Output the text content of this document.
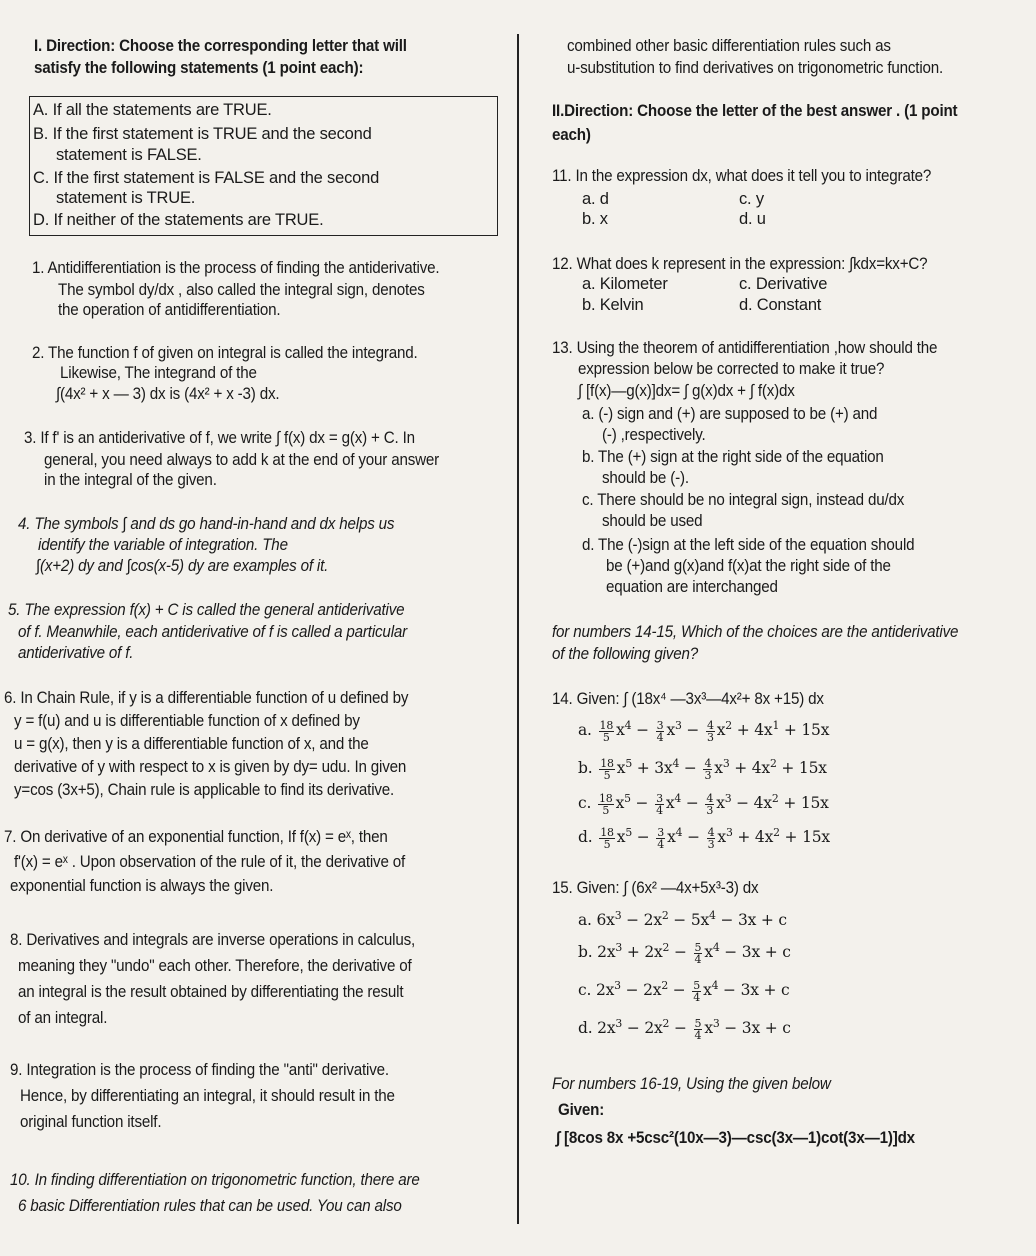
I. Direction: Choose the corresponding letter that will
satisfy the following statements (1 point each):
A. If all the statements are TRUE.
B. If the first statement is TRUE and the second
statement is FALSE.
C. If the first statement is FALSE and the second
statement is TRUE.
D. If neither of the statements are TRUE.
1. Antidifferentiation is the process of finding the antiderivative.
The symbol dy/dx , also called the integral sign, denotes
the operation of antidifferentiation.
2. The function f of given on integral is called the integrand.
Likewise, The integrand of the
∫(4x² + x — 3) dx is (4x² + x -3) dx.
3. If f' is an antiderivative of f, we write ∫ f(x) dx = g(x) + C. In
general, you need always to add k at the end of your answer
in the integral of the given.
4. The symbols ∫ and ds go hand-in-hand and dx helps us
identify the variable of integration. The
∫(x+2) dy and ∫cos(x-5) dy are examples of it.
5. The expression f(x) + C is called the general antiderivative
of f. Meanwhile, each antiderivative of f is called a particular
antiderivative of f.
6. In Chain Rule, if y is a differentiable function of u defined by
y = f(u) and u is differentiable function of x defined by
u = g(x), then y is a differentiable function of x, and the
derivative of y with respect to x is given by dy= udu. In given
y=cos (3x+5), Chain rule is applicable to find its derivative.
7. On derivative of an exponential function, If f(x) = eˣ, then
f'(x) = eˣ . Upon observation of the rule of it, the derivative of
exponential function is always the given.
8. Derivatives and integrals are inverse operations in calculus,
meaning they "undo" each other. Therefore, the derivative of
an integral is the result obtained by differentiating the result
of an integral.
9. Integration is the process of finding the "anti" derivative.
Hence, by differentiating an integral, it should result in the
original function itself.
10. In finding differentiation on trigonometric function, there are
6 basic Differentiation rules that can be used. You can also
combined other basic differentiation rules such as
u-substitution to find derivatives on trigonometric function.
II.Direction: Choose the letter of the best answer . (1 point
each)
11. In the expression dx, what does it tell you to integrate?
a. d	c. y
b. x	d. u
12. What does k represent in the expression: ∫kdx=kx+C?
a. Kilometer	c. Derivative
b. Kelvin	d. Constant
13. Using the theorem of antidifferentiation ,how should the
expression below be corrected to make it true?
∫ [f(x)—g(x)]dx= ∫ g(x)dx + ∫ f(x)dx
a. (-) sign and (+) are supposed to be (+) and
(-) ,respectively.
b. The (+) sign at the right side of the equation
should be (-).
c. There should be no integral sign, instead du/dx
should be used
d. The (-)sign at the left side of the equation should
be (+)and g(x)and f(x)at the right side of the
equation are interchanged
for numbers 14-15, Which of the choices are the antiderivative
of the following given?
14. Given: ∫ (18x⁴ —3x³—4x²+ 8x +15) dx
a. $\frac{18}{5} x^4 - \frac{3}{4} x^3 - \frac{4}{3} x^2 + 4x^1 + 15x$
b. $\frac{18}{5} x^5 + 3x^4 - \frac{4}{3} x^3 + 4x^2 + 15x$
c. $\frac{18}{5} x^5 - \frac{3}{4} x^4 - \frac{4}{3} x^3 - 4x^2 + 15x$
d. $\frac{18}{5} x^5 - \frac{3}{4} x^4 - \frac{4}{3} x^3 + 4x^2 + 15x$
15. Given: ∫ (6x² —4x+5x³-3) dx
a. $6x^3 - 2x^2 - 5x^4 - 3x + c$
b. $2x^3 + 2x^2 - \frac{5}{4} x^4 - 3x + c$
c. $2x^3 - 2x^2 - \frac{5}{4} x^4 - 3x + c$
d. $2x^3 - 2x^2 - \frac{5}{4} x^3 - 3x + c$
For numbers 16-19, Using the given below
Given:
∫ [8cos 8x +5csc²(10x—3)—csc(3x—1)cot(3x—1)]dx
